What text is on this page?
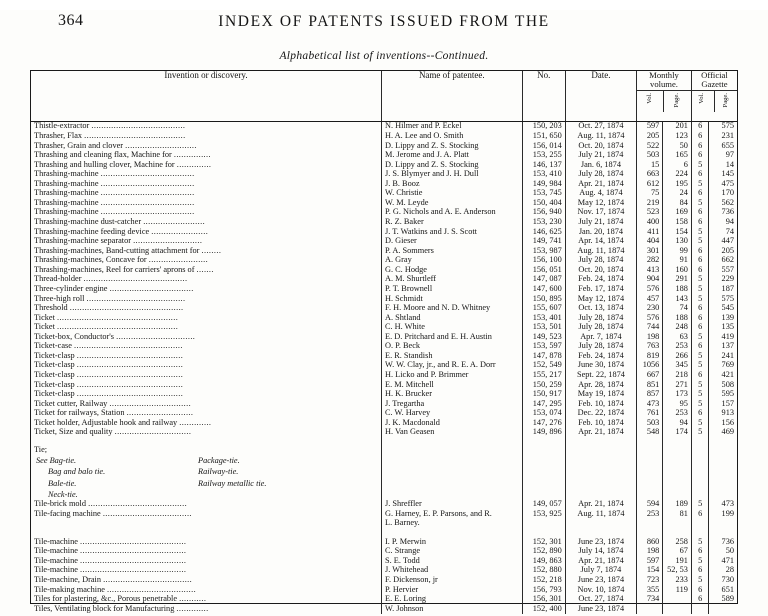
364	INDEX OF PATENTS ISSUED FROM THE
Alphabetical list of inventions--Continued.
Invention or discovery.	Name of patentee.	No.	Date.	Monthly volume.
Vol.	Page.

Official Gazette
Vol.	Page.

Thistle-extractor ......................................	N. Hilmer and P. Eckel	150, 203	Oct. 27, 1874	597	201	6	575
Thrasher, Flax .........................................	H. A. Lee and O. Smith	151, 650	Aug. 11, 1874	205	123	6	231
Thrasher, Grain and clover .............................	D. Lippy and Z. S. Stocking	156, 014	Oct. 20, 1874	522	50	6	655
Thrashing and cleaning flax, Machine for ...............	M. Jerome and J. A. Platt	153, 255	July 21, 1874	503	165	6	97
Thrashing and hulling clover, Machine for ..............	D. Lippy and Z. S. Stocking	146, 137	Jan. 6, 1874	15	6	5	14
Thrashing-machine ......................................	J. S. Blymyer and J. H. Dull	153, 410	July 28, 1874	663	224	6	145
Thrashing-machine ......................................	J. B. Booz	149, 984	Apr. 21, 1874	612	195	5	475
Thrashing-machine ......................................	W. Christie	153, 745	Aug. 4, 1874	75	24	6	170
Thrashing-machine ......................................	W. M. Leyde	150, 404	May 12, 1874	219	84	5	562
Thrashing-machine ......................................	P. G. Nichols and A. E. Anderson	156, 940	Nov. 17, 1874	523	169	6	736
Thrashing-machine dust-catcher .........................	R. Z. Baker	153, 230	July 21, 1874	400	158	6	94
Thrashing-machine feeding device .......................	J. T. Watkins and J. S. Scott	146, 625	Jan. 20, 1874	411	154	5	74
Thrashing-machine separator ............................	D. Gieser	149, 741	Apr. 14, 1874	404	130	5	447
Thrashing-machines, Band-cutting attachment for ........	P. A. Sommers	153, 987	Aug. 11, 1874	301	99	6	205
Thrashing-machines, Concave for ........................	A. Gray	156, 100	July 28, 1874	282	91	6	662
Thrashing-machines, Reel for carriers' aprons of .......	G. C. Hodge	156, 051	Oct. 20, 1874	413	160	6	557
Thread-holder ..........................................	A. M. Shurtleff	147, 087	Feb. 24, 1874	904	291	5	229
Three-cylinder engine ..................................	P. T. Brownell	147, 600	Feb. 17, 1874	576	188	5	187
Three-high roll ........................................	H. Schmidt	150, 895	May 12, 1874	457	143	5	575
Threshold ..............................................	F. H. Moore and N. D. Whitney	155, 607	Oct. 13, 1874	230	74	6	545
Ticket .................................................	A. Shtland	153, 401	July 28, 1874	576	188	6	139
Ticket .................................................	C. H. White	153, 501	July 28, 1874	744	248	6	135
Ticket-box, Conductor's ................................	E. D. Pritchard and E. H. Austin	149, 523	Apr. 7, 1874	198	63	5	419
Ticket-case ............................................	O. P. Beck	153, 597	July 28, 1874	763	253	6	137
Ticket-clasp ...........................................	E. R. Standish	147, 878	Feb. 24, 1874	819	266	5	241
Ticket-clasp ...........................................	W. W. Clay, jr., and R. E. A. Dorr	152, 549	June 30, 1874	1056	345	5	769
Ticket-clasp ...........................................	H. Licko and P. Brimmer	155, 217	Sept. 22, 1874	667	218	6	421
Ticket-clasp ...........................................	E. M. Mitchell	150, 259	Apr. 28, 1874	851	271	5	508
Ticket-clasp ...........................................	H. K. Brucker	150, 917	May 19, 1874	857	173	5	595
Ticket cutter, Railway .................................	J. Tregartha	147, 295	Feb. 10, 1874	473	95	5	157
Ticket for railways, Station ...........................	C. W. Harvey	153, 074	Dec. 22, 1874	761	253	6	913
Ticket holder, Adjustable hook and railway .............	J. K. Macdonald	147, 276	Feb. 10, 1874	503	94	5	156
Ticket, Size and quality ...............................	H. Van Geasen	149, 896	Apr. 21, 1874	548	174	5	469

Tie;
See Bag-tie.
Bag and balo tie.
Bale-tie.
Neck-tie.
Package-tie.
Railway-tie.
Railway metallic tie.

Tile-brick mold ........................................	J. Shreffler	149, 057	Apr. 21, 1874	594	189	5	473
Tile-facing machine ....................................	G. Harney, E. P. Parsons, and R.	153, 925	Aug. 11, 1874	253	81	6	199
	L. Barney.						

Tile-machine ...........................................	I. P. Merwin	152, 301	June 23, 1874	860	258	5	736
Tile-machine ...........................................	C. Strange	152, 890	July 14, 1874	198	67	6	50
Tile-machine ...........................................	S. E. Todd	149, 863	Apr. 21, 1874	597	191	5	471
Tile-machine ...........................................	J. Whitehead	152, 880	July 7, 1874	154	52, 53	6	28
Tile-machine, Drain ....................................	F. Dickenson, jr	152, 218	June 23, 1874	723	233	5	730
Tile-making machine ....................................	P. Hervier	156, 793	Nov. 10, 1874	355	119	6	651
Tiles for plastering, &c., Porous penetrable ...........	E. E. Loring	156, 301	Oct. 27, 1874	734		6	589
Tiles, Ventilating block for Manufacturing .............	W. Johnson	152, 400	June 23, 1874				
